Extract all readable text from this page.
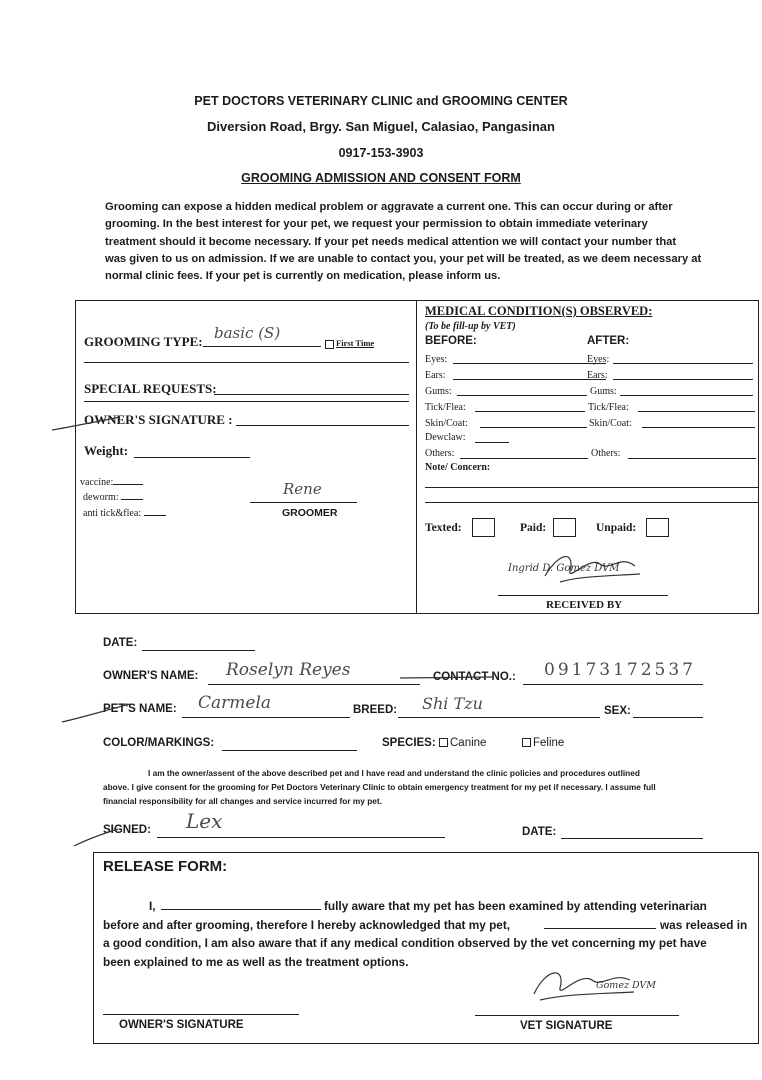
PET DOCTORS VETERINARY CLINIC and GROOMING CENTER
Diversion Road, Brgy. San Miguel, Calasiao, Pangasinan
0917-153-3903
GROOMING ADMISSION AND CONSENT FORM
Grooming can expose a hidden medical problem or aggravate a current one. This can occur during or after
grooming. In the best interest for your pet, we request your permission to obtain immediate veterinary
treatment should it become necessary. If your pet needs medical attention we will contact your number that
was given to us on admission. If we are unable to contact you, your pet will be treated, as we deem necessary at
normal clinic fees. If your pet is currently on medication, please inform us.
GROOMING TYPE: basic (S)
First Time
SPECIAL REQUESTS:
OWNER'S SIGNATURE :
Weight:
vaccine:
deworm:
anti tick&flea:
Rene
GROOMER
MEDICAL CONDITION(S) OBSERVED:
(To be fill-up by VET)
BEFORE:	AFTER:
Eyes:	Eyes:
Ears:	Ears:
Gums:	Gums:
Tick/Flea:	Tick/Flea:
Skin/Coat:	Skin/Coat:
Dewclaw:
Others:	Others:
Note/ Concern:
Texted:	Paid:	Unpaid:
Ingrid D. Gomez DVM
RECEIVED BY
DATE:
OWNER'S NAME: Roselyn Reyes	CONTACT NO.: 09173172537
PET'S NAME: Carmela	BREED: Shi Tzu	SEX:
COLOR/MARKINGS:	SPECIES:	Canine	Feline
I am the owner/assent of the above described pet and I have read and understand the clinic policies and procedures outlined
above. I give consent for the grooming for Pet Doctors Veterinary Clinic to obtain emergency treatment for my pet if necessary. I assume full
financial responsibility for all changes and service incurred for my pet.
SIGNED: Lex	DATE:
RELEASE FORM:
I,	fully aware that my pet has been examined by attending veterinarian
before and after grooming, therefore I hereby acknowledged that my pet,	was released in
a good condition, I am also aware that if any medical condition observed by the vet concerning my pet have
been explained to me as well as the treatment options.
Gomez DVM
OWNER'S SIGNATURE	VET SIGNATURE
